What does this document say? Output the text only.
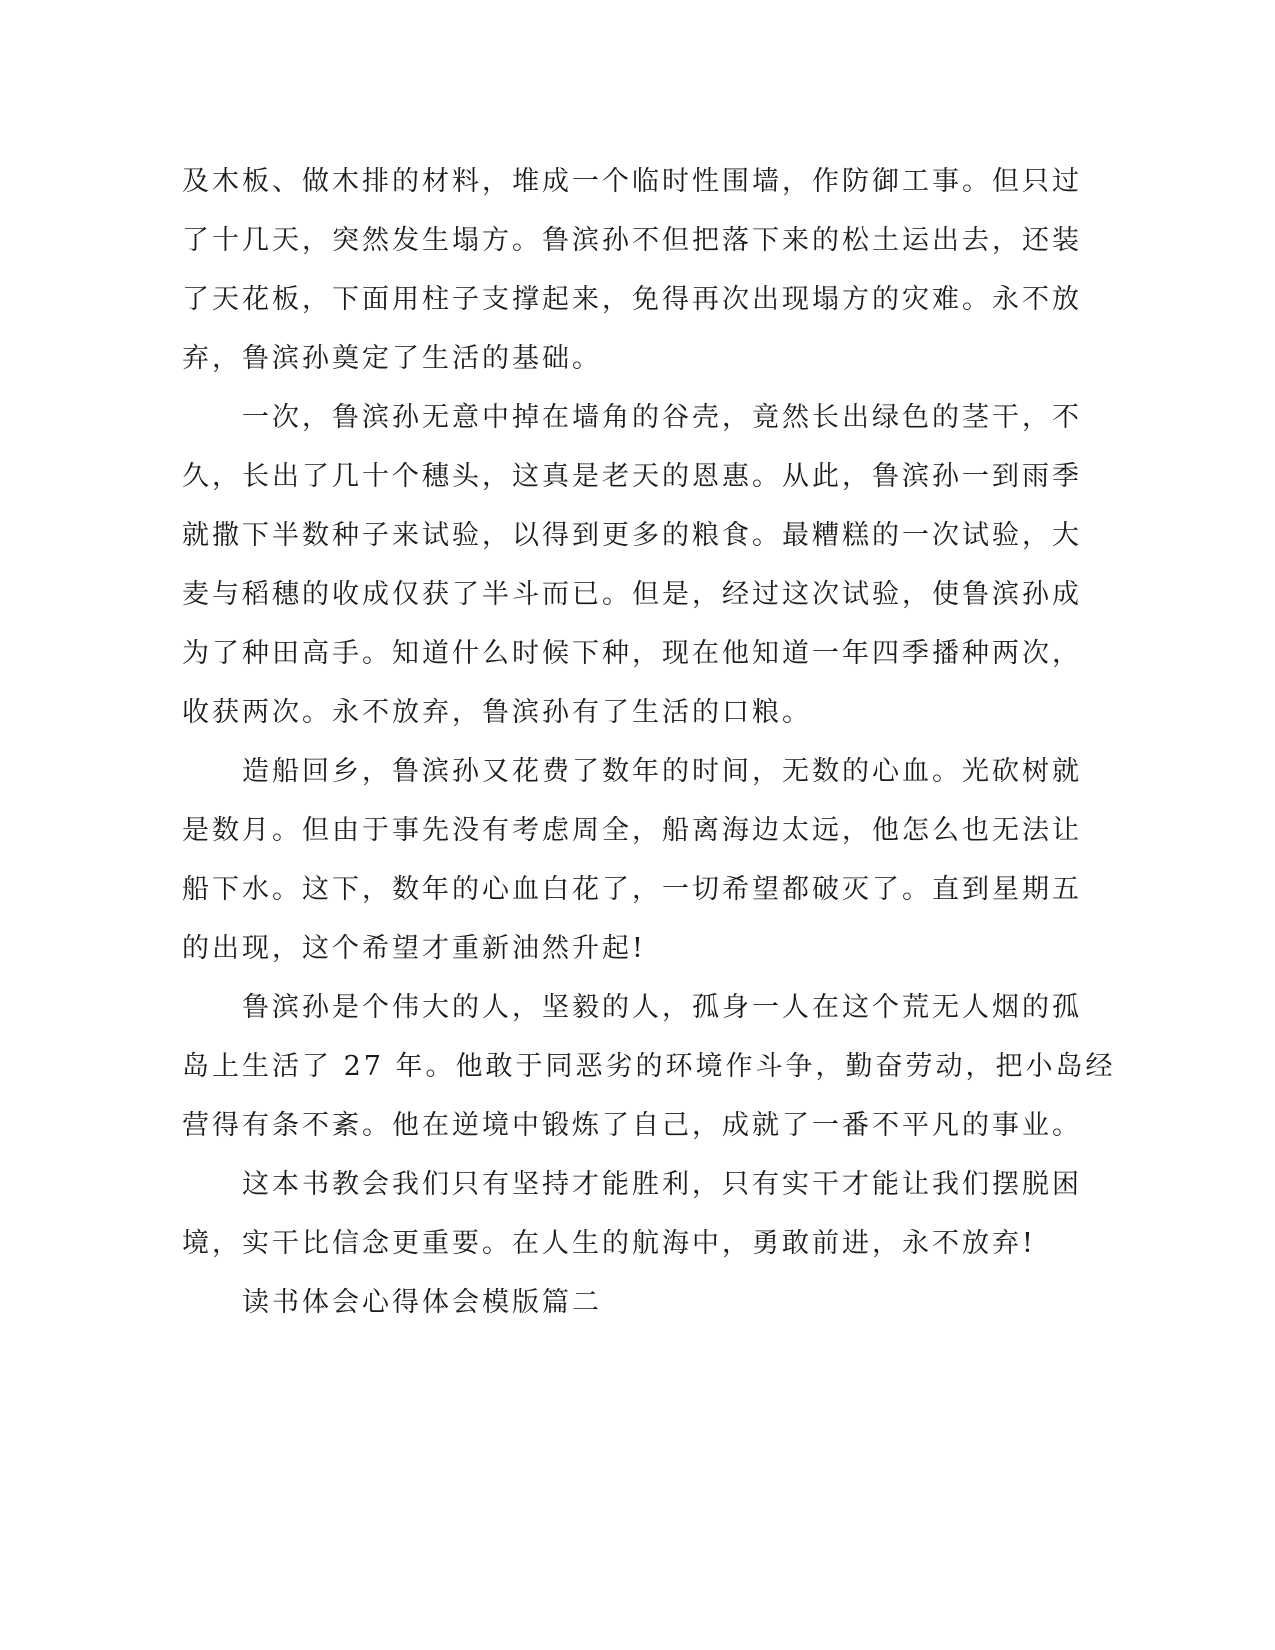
及木板、做木排的材料，堆成一个临时性围墙，作防御工事。但只过
了十几天，突然发生塌方。鲁滨孙不但把落下来的松土运出去，还装
了天花板，下面用柱子支撑起来，免得再次出现塌方的灾难。永不放
弃，鲁滨孙奠定了生活的基础。
　　一次，鲁滨孙无意中掉在墙角的谷壳，竟然长出绿色的茎干，不
久，长出了几十个穗头，这真是老天的恩惠。从此，鲁滨孙一到雨季
就撒下半数种子来试验，以得到更多的粮食。最糟糕的一次试验，大
麦与稻穗的收成仅获了半斗而已。但是，经过这次试验，使鲁滨孙成
为了种田高手。知道什么时候下种，现在他知道一年四季播种两次，
收获两次。永不放弃，鲁滨孙有了生活的口粮。
　　造船回乡，鲁滨孙又花费了数年的时间，无数的心血。光砍树就
是数月。但由于事先没有考虑周全，船离海边太远，他怎么也无法让
船下水。这下，数年的心血白花了，一切希望都破灭了。直到星期五
的出现，这个希望才重新油然升起!
　　鲁滨孙是个伟大的人，坚毅的人，孤身一人在这个荒无人烟的孤
岛上生活了 27 年。他敢于同恶劣的环境作斗争，勤奋劳动，把小岛经
营得有条不紊。他在逆境中锻炼了自己，成就了一番不平凡的事业。
　　这本书教会我们只有坚持才能胜利，只有实干才能让我们摆脱困
境，实干比信念更重要。在人生的航海中，勇敢前进，永不放弃!
　　读书体会心得体会模版篇二
